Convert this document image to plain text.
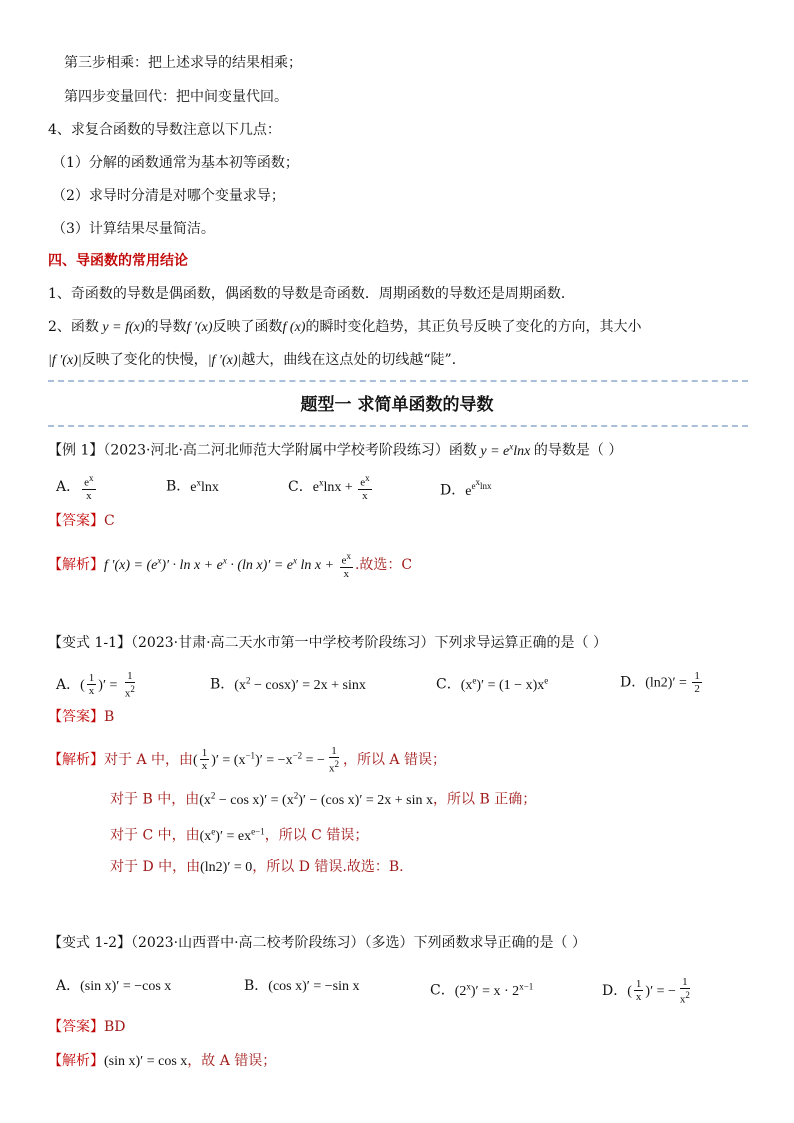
第三步相乘：把上述求导的结果相乘；
第四步变量回代：把中间变量代回。
4、求复合函数的导数注意以下几点：
（1）分解的函数通常为基本初等函数；
（2）求导时分清是对哪个变量求导；
（3）计算结果尽量简洁。
四、导函数的常用结论
1、奇函数的导数是偶函数，偶函数的导数是奇函数．周期函数的导数还是周期函数．
2、函数 y = f(x)的导数f ′(x)反映了函数f (x)的瞬时变化趋势，其正负号反映了变化的方向，其大小
|f ′(x)|反映了变化的快慢，|f ′(x)|越大，曲线在这点处的切线越“陡”．
题型一 求简单函数的导数
【例 1】（2023·河北·高二河北师范大学附属中学校考阶段练习）函数 $y = e^x\ln x$ 的导数是（ ）
A． $\frac{e^x}{x}$	B．$e^x\ln x$	C．$e^x\ln x + \frac{e^x}{x}$	D．$e^{e^xlnx}$
【答案】C
【解析】f $'(x) = (e^x)' \cdot \ln x + e^x \cdot (\ln$ $x)' = e^x$ $\ln x + \frac{e^x}{x}$ .故选：C
【变式 1-1】（2023·甘肃·高二天水市第一中学校考阶段练习）下列求导运算正确的是（ ）
A．( $\frac{1}{x}$ )′ = $\frac{1}{x^2}$	B．$(x^2 - \cos x)' = 2x + \sin x$	C．$(x^e)' = (1 - x)x^e$	D．$(\ln 2)' = \frac{1}{2}$
【答案】B
【解析】对于 A 中，由( $\frac{1}{x}$ )′ = $(x^{-1})' = -x^{-2}$ = − $\frac{1}{x^2}$ ，所以 A 错误；
对于 B 中，由$(x^2 - \cos x)' = (x^2)' - (\cos$ x)′ = 2x + sin x，所以 B 正确；
对于 C 中，由$(x^e)' = ex^{e-1}$，所以 C 错误；
对于 D 中，由(ln2)′ = 0，所以 D 错误.故选：B.
【变式 1-2】（2023·山西晋中·高二校考阶段练习）（多选）下列函数求导正确的是（ ）
A．(sin x)′ = −cos x	B．(cos x)′ = −sin x	C．$(2^x)' = x \cdot 2^{x-1}$	D．( $\frac{1}{x}$ )′ = − $\frac{1}{x^2}$
【答案】BD
【解析】(sin x)′ = cos x，故 A 错误；
